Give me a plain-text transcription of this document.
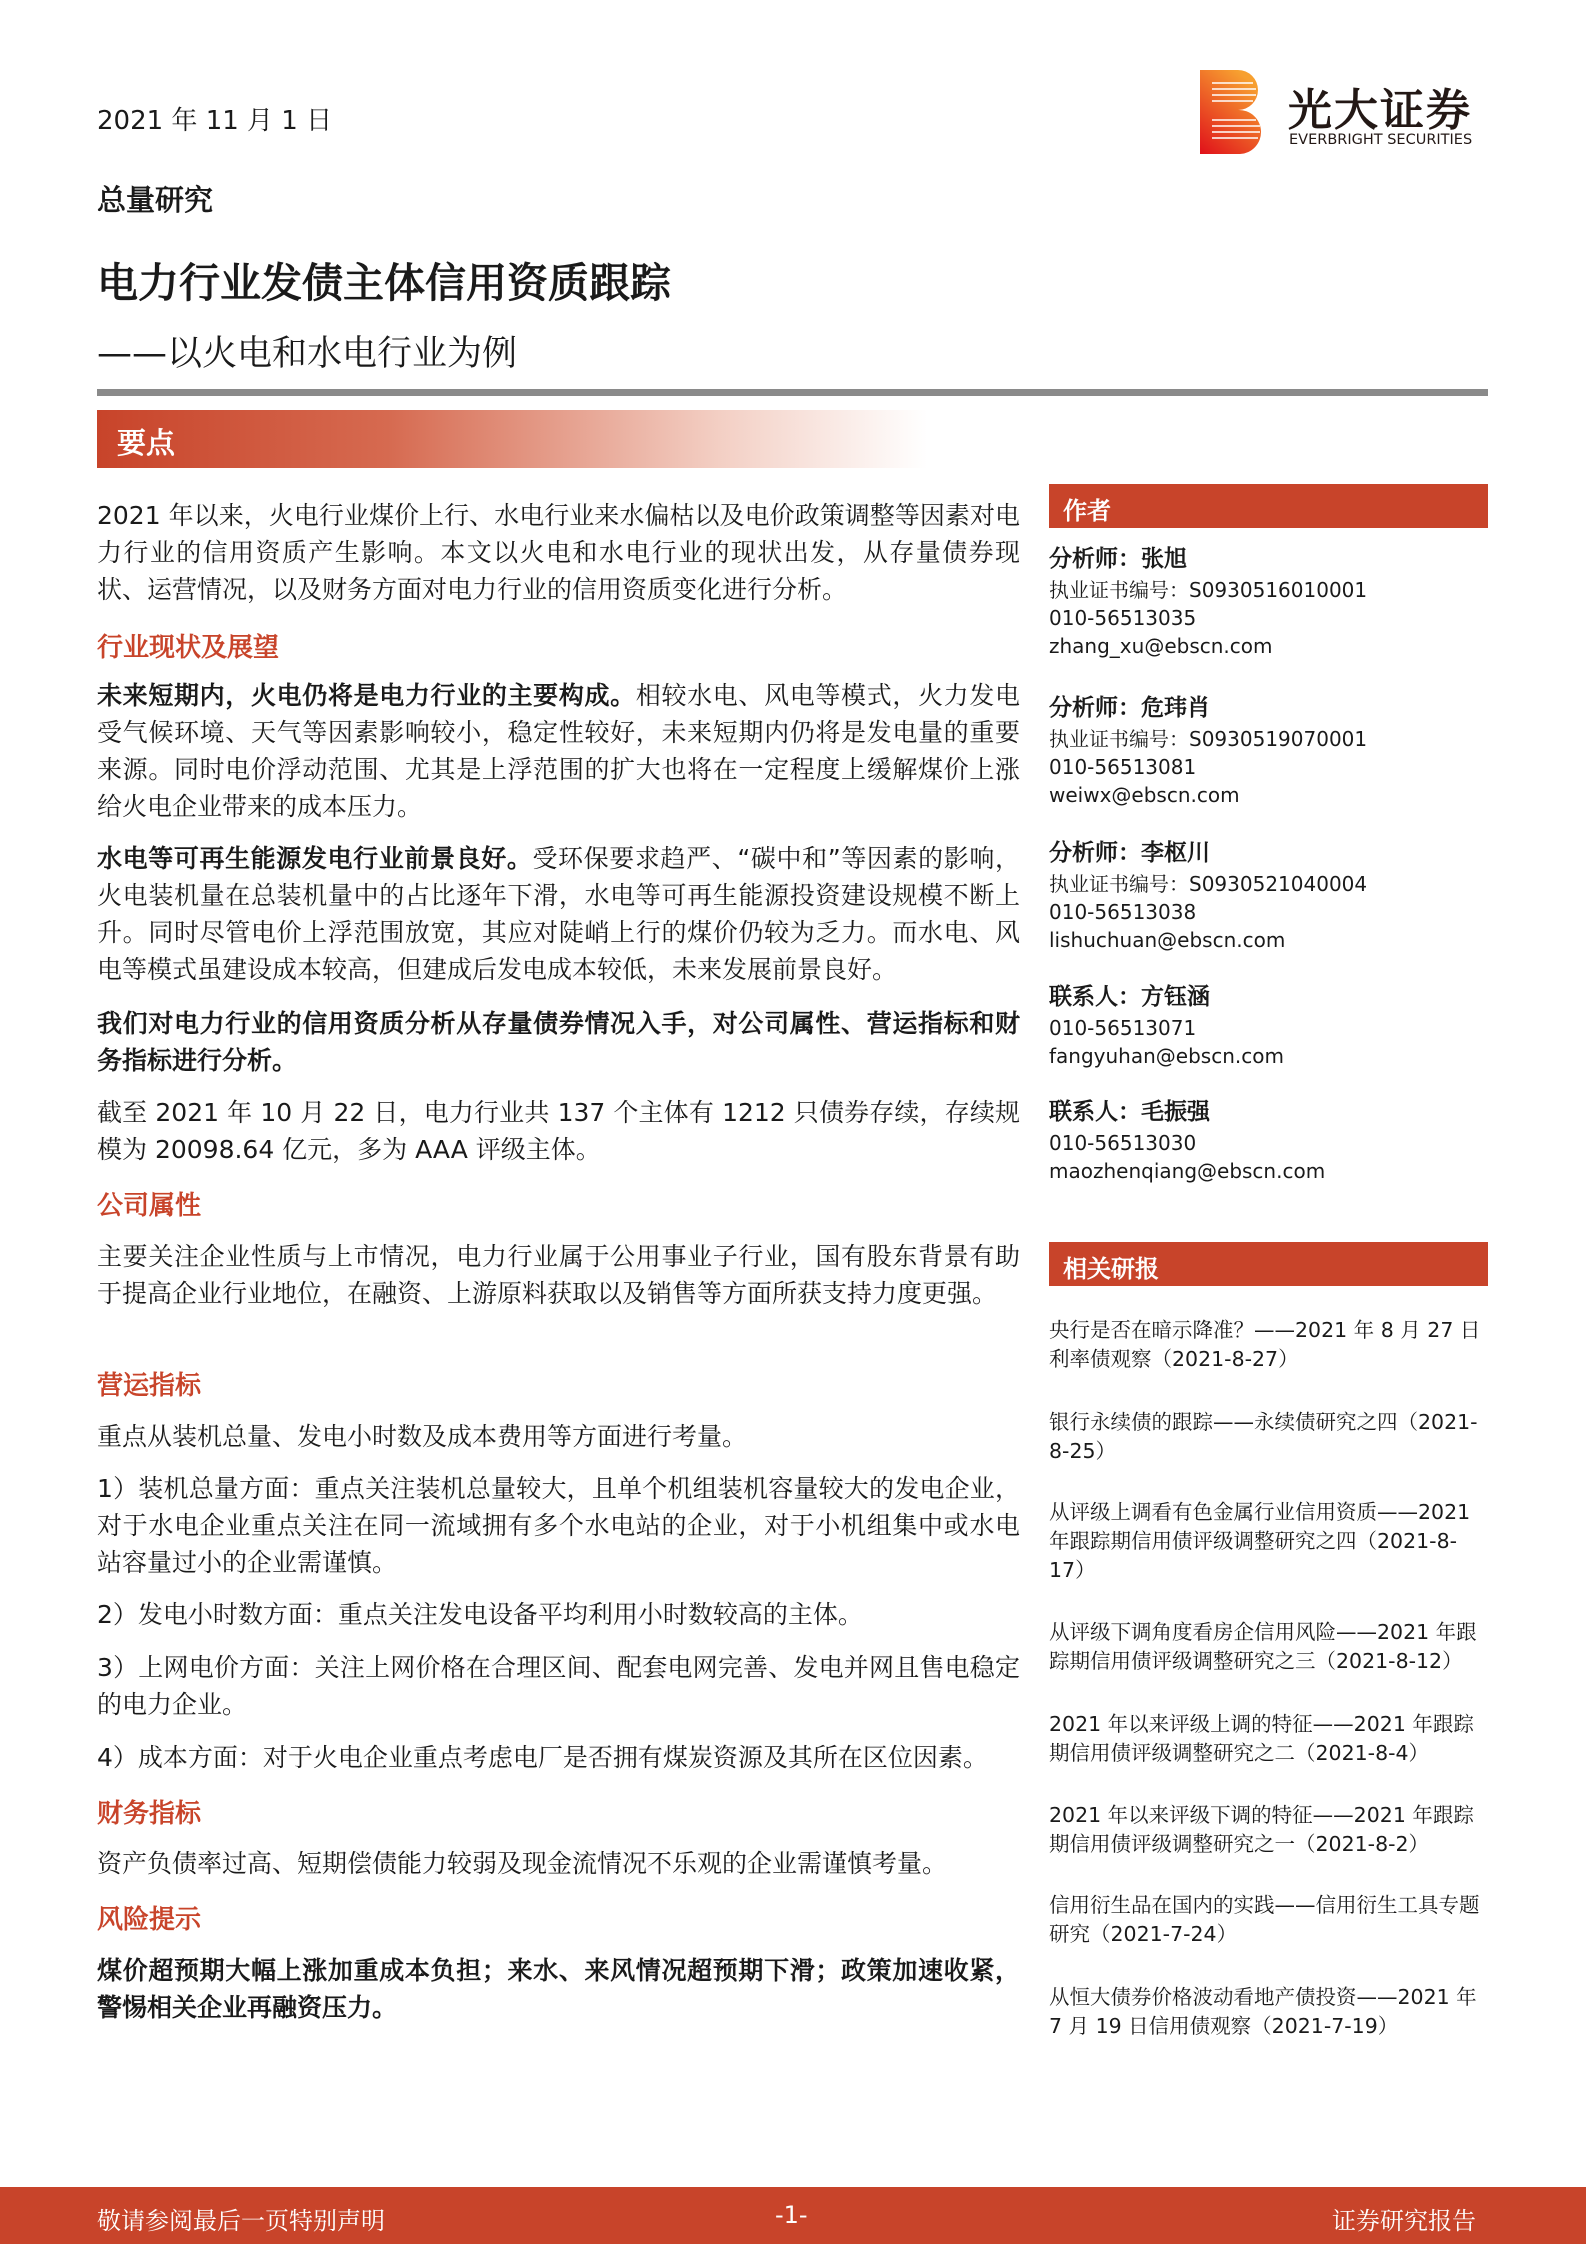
2021 年 11 月 1 日	光大证券
EVERBRIGHT SECURITIES
总量研究
电力行业发债主体信用资质跟踪
——以火电和水电行业为例
要点
2021 年以来，火电行业煤价上行、水电行业来水偏枯以及电价政策调整等因素对电力行业的信用资质产生影响。本文以火电和水电行业的现状出发，从存量债券现状、运营情况，以及财务方面对电力行业的信用资质变化进行分析。
行业现状及展望
未来短期内，火电仍将是电力行业的主要构成。相较水电、风电等模式，火力发电受气候环境、天气等因素影响较小，稳定性较好，未来短期内仍将是发电量的重要来源。同时电价浮动范围、尤其是上浮范围的扩大也将在一定程度上缓解煤价上涨给火电企业带来的成本压力。
水电等可再生能源发电行业前景良好。受环保要求趋严、“碳中和”等因素的影响，火电装机量在总装机量中的占比逐年下滑，水电等可再生能源投资建设规模不断上升。同时尽管电价上浮范围放宽，其应对陡峭上行的煤价仍较为乏力。而水电、风电等模式虽建设成本较高，但建成后发电成本较低，未来发展前景良好。
我们对电力行业的信用资质分析从存量债券情况入手，对公司属性、营运指标和财务指标进行分析。
截至 2021 年 10 月 22 日，电力行业共 137 个主体有 1212 只债券存续，存续规模为 20098.64 亿元，多为 AAA 评级主体。
公司属性
主要关注企业性质与上市情况，电力行业属于公用事业子行业，国有股东背景有助于提高企业行业地位，在融资、上游原料获取以及销售等方面所获支持力度更强。
营运指标
重点从装机总量、发电小时数及成本费用等方面进行考量。
1）装机总量方面：重点关注装机总量较大，且单个机组装机容量较大的发电企业，对于水电企业重点关注在同一流域拥有多个水电站的企业，对于小机组集中或水电站容量过小的企业需谨慎。
2）发电小时数方面：重点关注发电设备平均利用小时数较高的主体。
3）上网电价方面：关注上网价格在合理区间、配套电网完善、发电并网且售电稳定的电力企业。
4）成本方面：对于火电企业重点考虑电厂是否拥有煤炭资源及其所在区位因素。
财务指标
资产负债率过高、短期偿债能力较弱及现金流情况不乐观的企业需谨慎考量。
风险提示
煤价超预期大幅上涨加重成本负担；来水、来风情况超预期下滑；政策加速收紧，警惕相关企业再融资压力。
作者
分析师：张旭
执业证书编号：S0930516010001
010-56513035
zhang_xu@ebscn.com
分析师：危玮肖
执业证书编号：S0930519070001
010-56513081
weiwx@ebscn.com
分析师：李枢川
执业证书编号：S0930521040004
010-56513038
lishuchuan@ebscn.com
联系人：方钰涵
010-56513071
fangyuhan@ebscn.com
联系人：毛振强
010-56513030
maozhenqiang@ebscn.com
相关研报
央行是否在暗示降准？——2021 年 8 月 27 日利率债观察（2021-8-27）
银行永续债的跟踪——永续债研究之四（2021-8-25）
从评级上调看有色金属行业信用资质——2021 年跟踪期信用债评级调整研究之四（2021-8-17）
从评级下调角度看房企信用风险——2021 年跟踪期信用债评级调整研究之三（2021-8-12）
2021 年以来评级上调的特征——2021 年跟踪期信用债评级调整研究之二（2021-8-4）
2021 年以来评级下调的特征——2021 年跟踪期信用债评级调整研究之一（2021-8-2）
信用衍生品在国内的实践——信用衍生工具专题研究（2021-7-24）
从恒大债券价格波动看地产债投资——2021 年 7 月 19 日信用债观察（2021-7-19）
敬请参阅最后一页特别声明	-1-	证券研究报告
